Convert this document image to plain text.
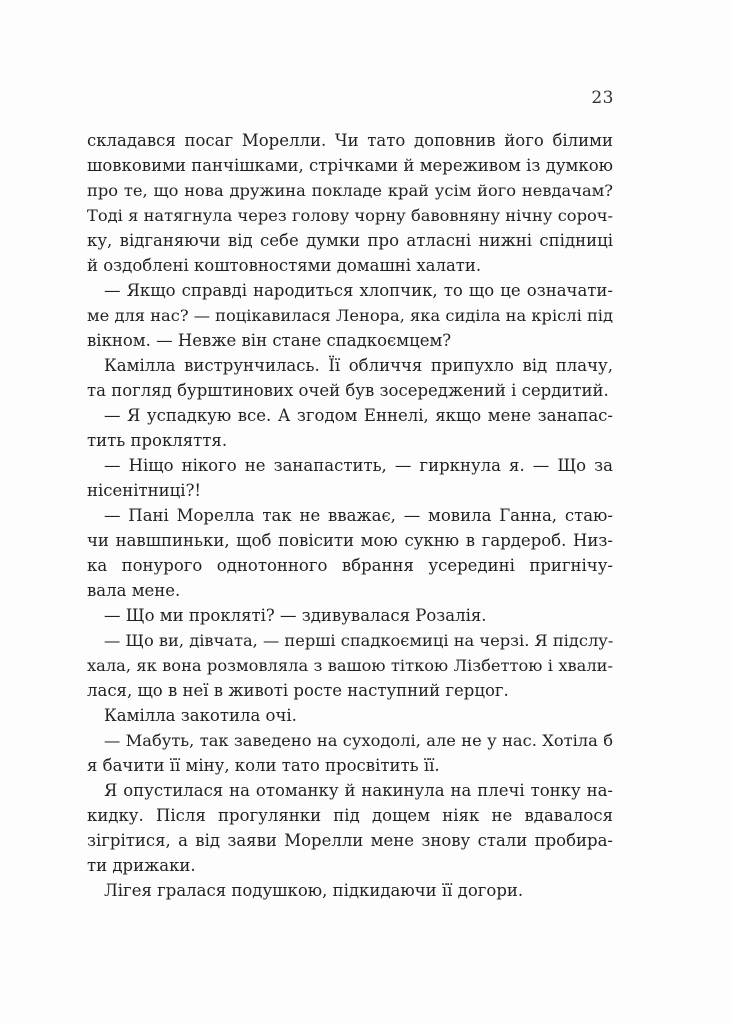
23
складався посаг Морелли. Чи тато доповнив його білими
шовковими панчішками, стрічками й мереживом із думкою
про те, що нова дружина покладе край усім його невдачам?
Тоді я натягнула через голову чорну бавовняну нічну сороч-
ку, відганяючи від себе думки про атласні нижні спідниці
й оздоблені коштовностями домашні халати.
— Якщо справді народиться хлопчик, то що це означати-
ме для нас? — поцікавилася Ленора, яка сиділа на кріслі під
вікном. — Невже він стане спадкоємцем?
Камілла виструнчилась. Її обличчя припухло від плачу,
та погляд бурштинових очей був зосереджений і сердитий.
— Я успадкую все. А згодом Еннелі, якщо мене занапас-
тить прокляття.
— Ніщо нікого не занапастить, — гиркнула я. — Що за
нісенітниці?!
— Пані Морелла так не вважає, — мовила Ганна, стаю-
чи навшпиньки, щоб повісити мою сукню в гардероб. Низ-
ка понурого однотонного вбрання усередині пригнічу-
вала мене.
— Що ми прокляті? — здивувалася Розалія.
— Що ви, дівчата, — перші спадкоємиці на черзі. Я підслу-
хала, як вона розмовляла з вашою тіткою Лізбеттою і хвали-
лася, що в неї в животі росте наступний герцог.
Камілла закотила очі.
— Мабуть, так заведено на суходолі, але не у нас. Хотіла б
я бачити її міну, коли тато просвітить її.
Я опустилася на отоманку й накинула на плечі тонку на-
кидку. Після прогулянки під дощем ніяк не вдавалося
зігрітися, а від заяви Морелли мене знову стали пробира-
ти дрижаки.
Лігея гралася подушкою, підкидаючи її догори.
